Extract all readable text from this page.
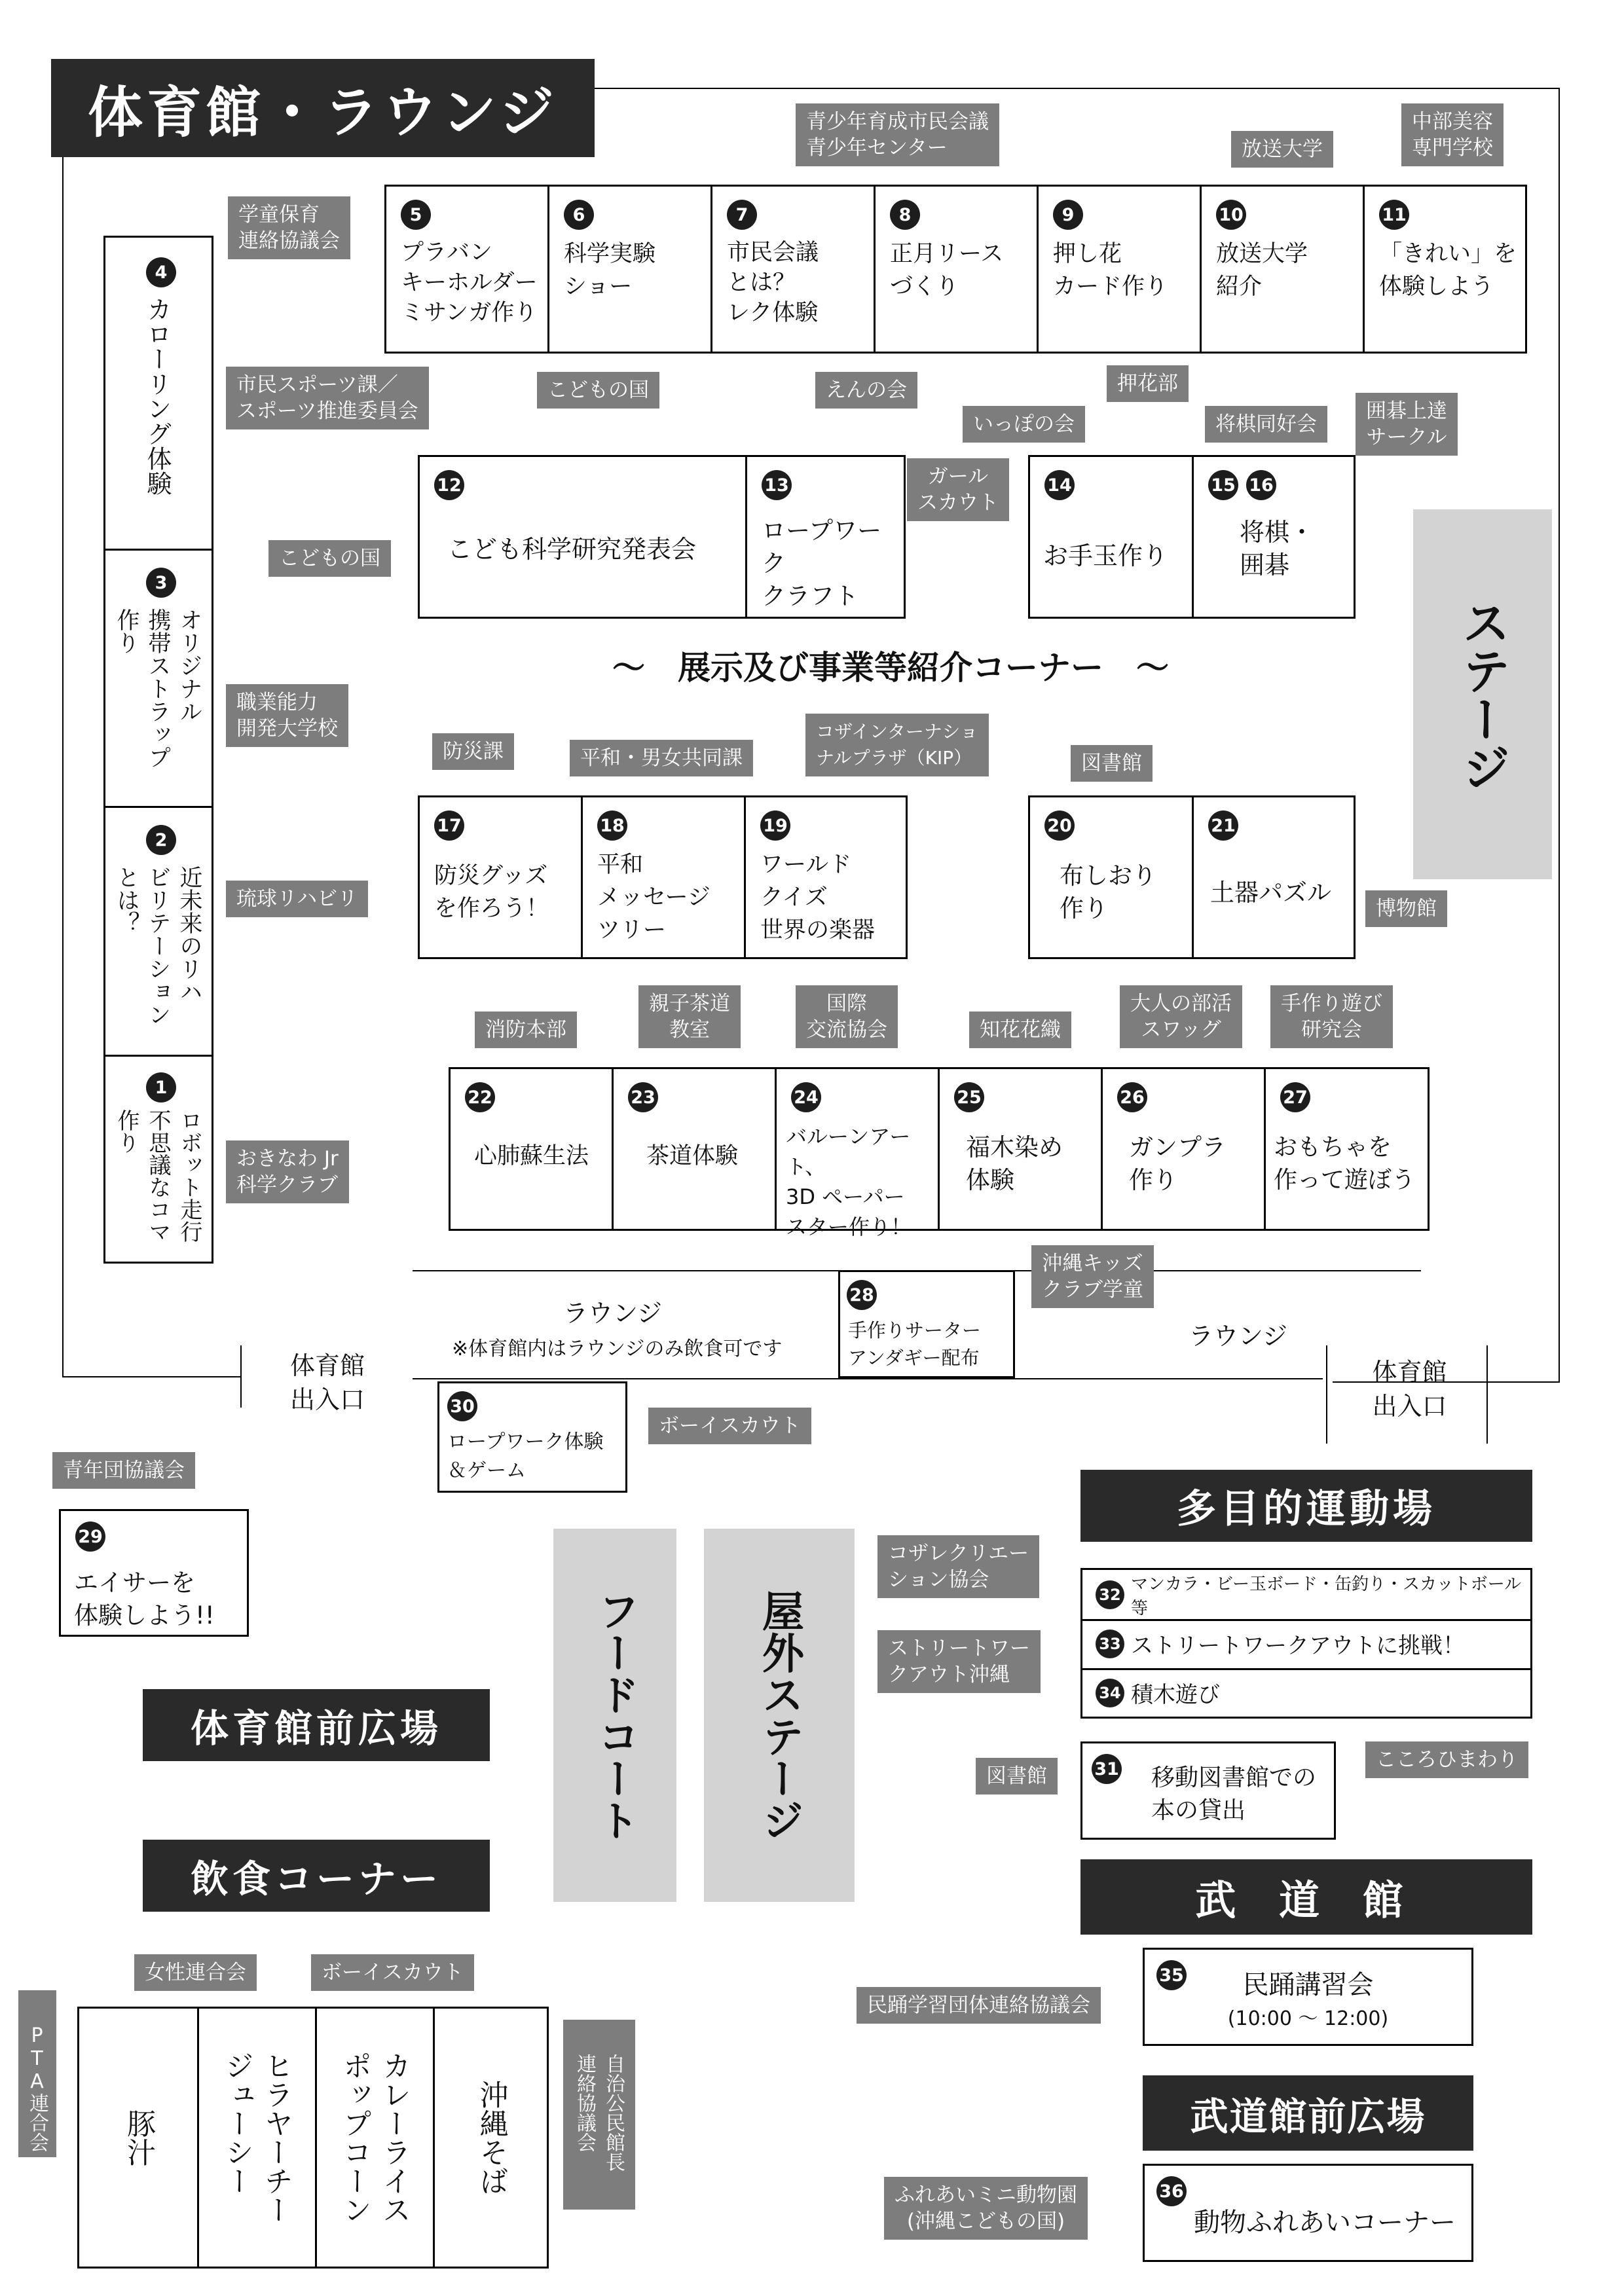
体育館・ラウンジ
ステージ
4
カローリング体験
3
オリジナル
携帯ストラップ
作り
2
近未来のリハ
ビリテーション
とは？
1
ロボット走行
不思議なコマ
作り
市民スポーツ課／
スポーツ推進委員会
職業能力
開発大学校
琉球リハビリ
おきなわ Jr
科学クラブ
5
プラバン
キーホルダー
ミサンガ作り
6
科学実験
ショー
7
市民会議
とは？
レク体験
8
正月リース
づくり
9
押し花
カード作り
10
放送大学
紹介
11
「きれい」を
体験しよう
学童保育
連絡協議会
こどもの国
青少年育成市民会議
青少年センター
えんの会	押花部
放送大学
中部美容
専門学校
12
こども科学研究発表会
13
ロープワーク
クラフト
こどもの国
ガール
スカウト
14
お手玉作り
15 16
将棋・
囲碁
いっぽの会	将棋同好会
囲碁上達
サークル
〜　展示及び事業等紹介コーナー　〜
17
防災グッズ
を作ろう！
18
平和
メッセージ
ツリー
19
ワールド
クイズ
世界の楽器
防災課	平和・男女共同課
コザインターナショ
ナルプラザ（KIP）
20
布しおり
作り
21
土器パズル
図書館
博物館
22
心肺蘇生法
23
茶道体験
24
バルーンアート、
3D ペーパー
スター作り！
25
福木染め
体験
26
ガンプラ
作り
27
おもちゃを
作って遊ぼう
消防本部
親子茶道
教室
国際
交流協会	知花花織
大人の部活
スワッグ
手作り遊び
研究会
ラウンジ
※体育館内はラウンジのみ飲食可です	ラウンジ
28
手作りサーター
アンダギー配布
沖縄キッズ
クラブ学童
体育館
出入口
体育館
出入口
30
ロープワーク体験
＆ゲーム
ボーイスカウト
青年団協議会
29
エイサーを
体験しよう!!
体育館前広場
飲食コーナー
フードコート	屋外ステージ

PTA連合会

女性連合会	ボーイスカウト

自治公民館長
連絡協議会

豚汁	ヒラヤーチー
ジューシー	カレーライス
ポップコーン	沖縄そば
多目的運動場
コザレクリエー
ション協会
ストリートワー
クアウト沖縄
32
マンカラ・ビー玉ボード・缶釣り・スカットボール等
33 ストリートワークアウトに挑戦！
34 積木遊び
こころひまわり
図書館	31 移動図書館での
本の貸出
武 道 館
民踊学習団体連絡協議会
35	民踊講習会
(10:00 〜 12:00)
武道館前広場
ふれあいミニ動物園
(沖縄こどもの国)
36
動物ふれあいコーナー
